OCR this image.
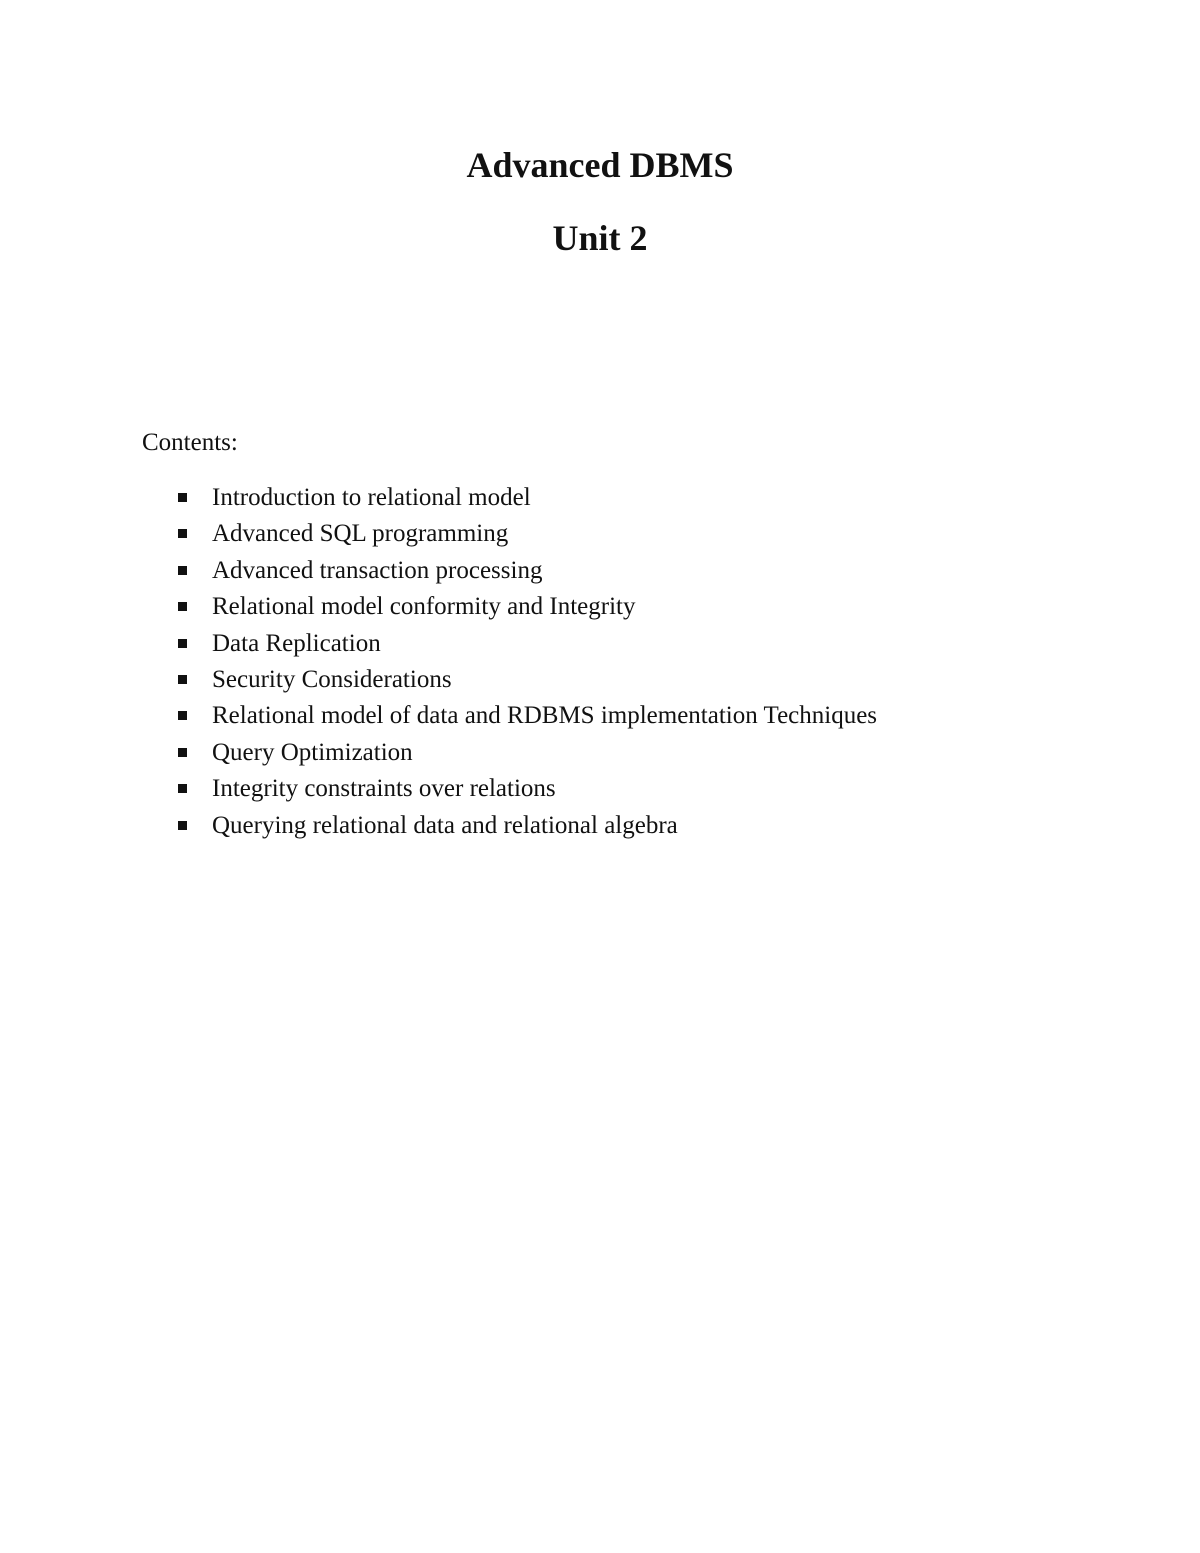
Advanced DBMS
Unit 2

Contents:

Introduction to relational model
Advanced SQL programming
Advanced transaction processing
Relational model conformity and Integrity
Data Replication
Security Considerations
Relational model of data and RDBMS implementation Techniques
Query Optimization
Integrity constraints over relations
Querying relational data and relational algebra
